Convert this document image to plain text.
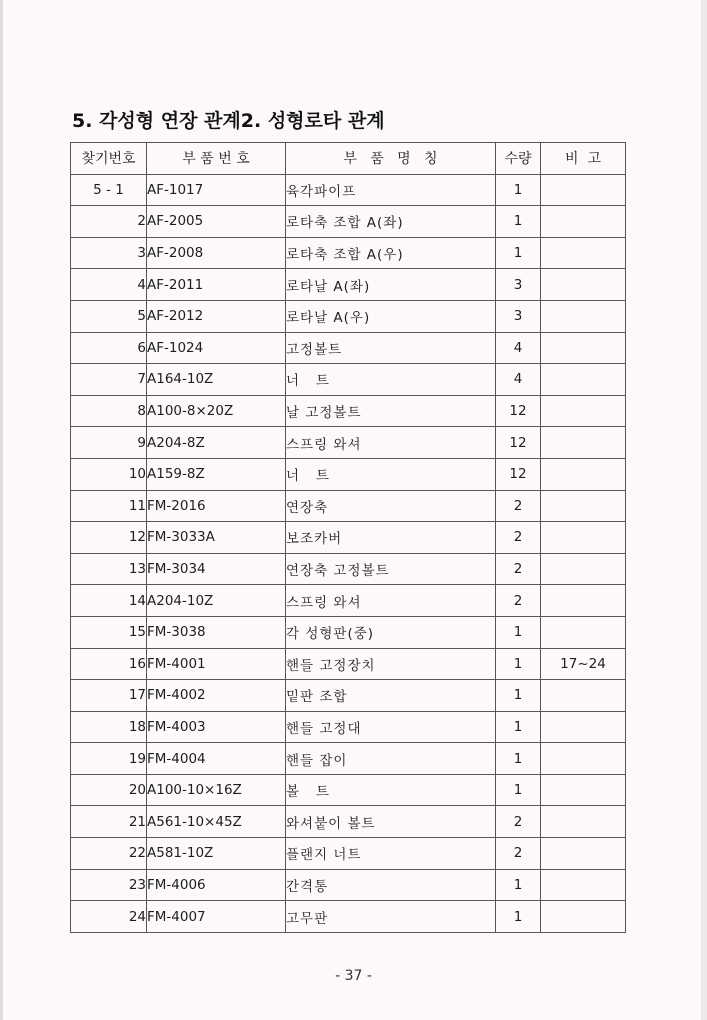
5. 각성형 연장 관계2. 성형로타 관계
찾기번호	부 품 번 호	부   품   명   칭	수량	비  고
5 - 1	AF-1017	육각파이프	1	
2	AF-2005	로타축 조합 A(좌)	1	
3	AF-2008	로타축 조합 A(우)	1	
4	AF-2011	로타날 A(좌)	3	
5	AF-2012	로타날 A(우)	3	
6	AF-1024	고정볼트	4	
7	A164-10Z	너   트	4	
8	A100-8×20Z	날 고정볼트	12	
9	A204-8Z	스프링 와셔	12	
10	A159-8Z	너   트	12	
11	FM-2016	연장축	2	
12	FM-3033A	보조카버	2	
13	FM-3034	연장축 고정볼트	2	
14	A204-10Z	스프링 와셔	2	
15	FM-3038	각 성형판(중)	1	
16	FM-4001	핸들 고정장치	1	17~24
17	FM-4002	밑판 조합	1	
18	FM-4003	핸들 고정대	1	
19	FM-4004	핸들 잡이	1	
20	A100-10×16Z	볼   트	1	
21	A561-10×45Z	와셔붙이 볼트	2	
22	A581-10Z	플랜지 너트	2	
23	FM-4006	간격통	1	
24	FM-4007	고무판	1	
- 37 -
